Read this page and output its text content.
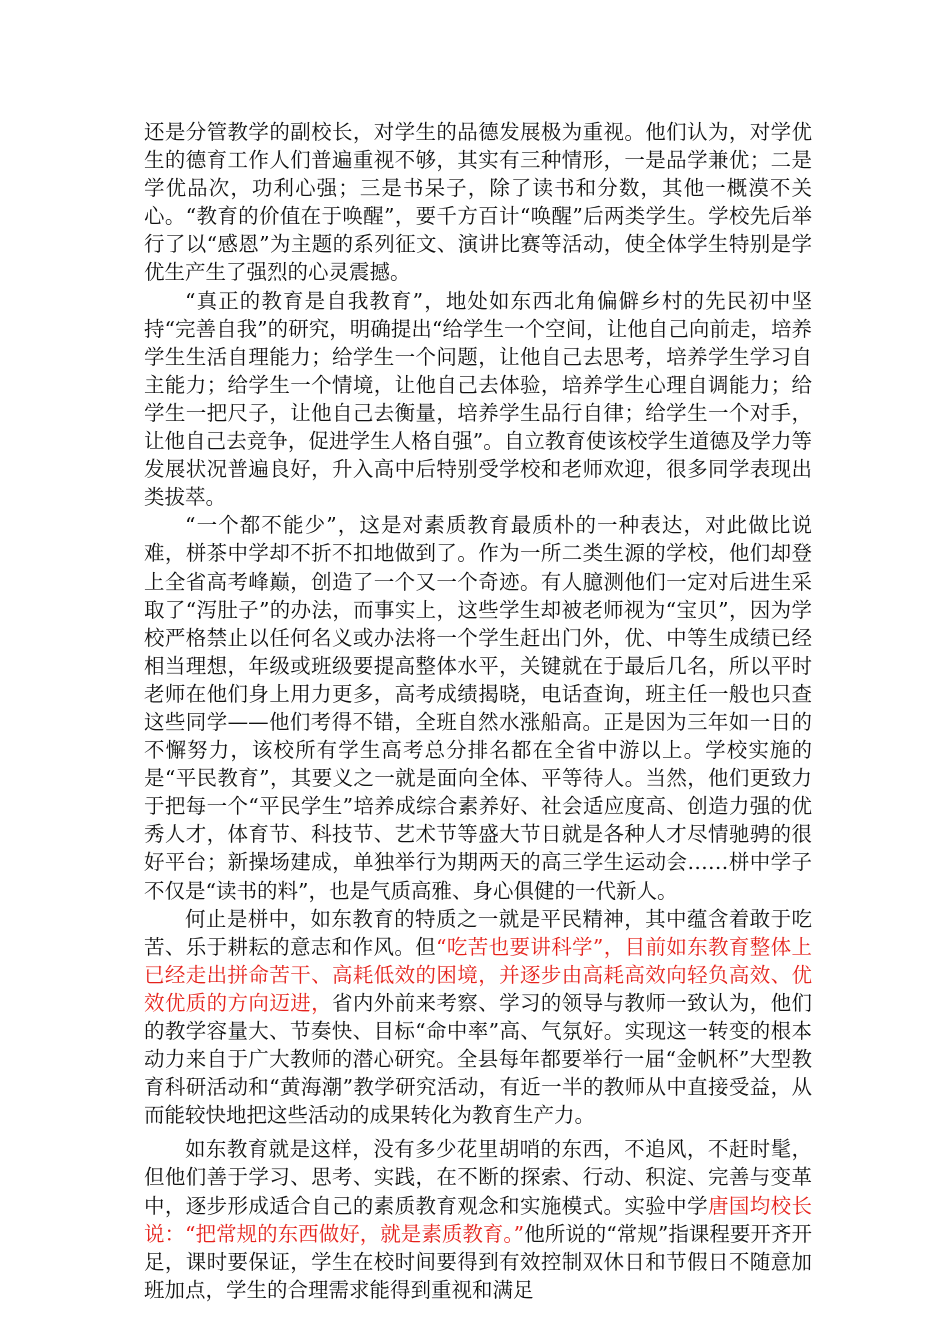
还是分管教学的副校长，对学生的品德发展极为重视。他们认为，对学优生的德育工作人们普遍重视不够，其实有三种情形，一是品学兼优；二是学优品次，功利心强；三是书呆子，除了读书和分数，其他一概漠不关心。“教育的价值在于唤醒”，要千方百计“唤醒”后两类学生。学校先后举行了以“感恩”为主题的系列征文、演讲比赛等活动，使全体学生特别是学优生产生了强烈的心灵震撼。

“真正的教育是自我教育”，地处如东西北角偏僻乡村的先民初中坚持“完善自我”的研究，明确提出“给学生一个空间，让他自己向前走，培养学生生活自理能力；给学生一个问题，让他自己去思考，培养学生学习自主能力；给学生一个情境，让他自己去体验，培养学生心理自调能力；给学生一把尺子，让他自己去衡量，培养学生品行自律；给学生一个对手，让他自己去竞争，促进学生人格自强”。自立教育使该校学生道德及学力等发展状况普遍良好，升入高中后特别受学校和老师欢迎，很多同学表现出类拔萃。

“一个都不能少”，这是对素质教育最质朴的一种表达，对此做比说难，栟茶中学却不折不扣地做到了。作为一所二类生源的学校，他们却登上全省高考峰巅，创造了一个又一个奇迹。有人臆测他们一定对后进生采取了“泻肚子”的办法，而事实上，这些学生却被老师视为“宝贝”，因为学校严格禁止以任何名义或办法将一个学生赶出门外，优、中等生成绩已经相当理想，年级或班级要提高整体水平，关键就在于最后几名，所以平时老师在他们身上用力更多，高考成绩揭晓，电话查询，班主任一般也只查这些同学——他们考得不错，全班自然水涨船高。正是因为三年如一日的不懈努力，该校所有学生高考总分排名都在全省中游以上。学校实施的是“平民教育”，其要义之一就是面向全体、平等待人。当然，他们更致力于把每一个“平民学生”培养成综合素养好、社会适应度高、创造力强的优秀人才，体育节、科技节、艺术节等盛大节日就是各种人才尽情驰骋的很好平台；新操场建成，单独举行为期两天的高三学生运动会……栟中学子不仅是“读书的料”，也是气质高雅、身心俱健的一代新人。

何止是栟中，如东教育的特质之一就是平民精神，其中蕴含着敢于吃苦、乐于耕耘的意志和作风。但“吃苦也要讲科学”，目前如东教育整体上已经走出拼命苦干、高耗低效的困境，并逐步由高耗高效向轻负高效、优效优质的方向迈进，省内外前来考察、学习的领导与教师一致认为，他们的教学容量大、节奏快、目标“命中率”高、气氛好。实现这一转变的根本动力来自于广大教师的潜心研究。全县每年都要举行一届“金帆杯”大型教育科研活动和“黄海潮”教学研究活动，有近一半的教师从中直接受益，从而能较快地把这些活动的成果转化为教育生产力。

如东教育就是这样，没有多少花里胡哨的东西，不追风，不赶时髦，但他们善于学习、思考、实践，在不断的探索、行动、积淀、完善与变革中，逐步形成适合自己的素质教育观念和实施模式。实验中学唐国均校长说：“把常规的东西做好，就是素质教育。”他所说的“常规”指课程要开齐开足，课时要保证，学生在校时间要得到有效控制双休日和节假日不随意加班加点，学生的合理需求能得到重视和满足
